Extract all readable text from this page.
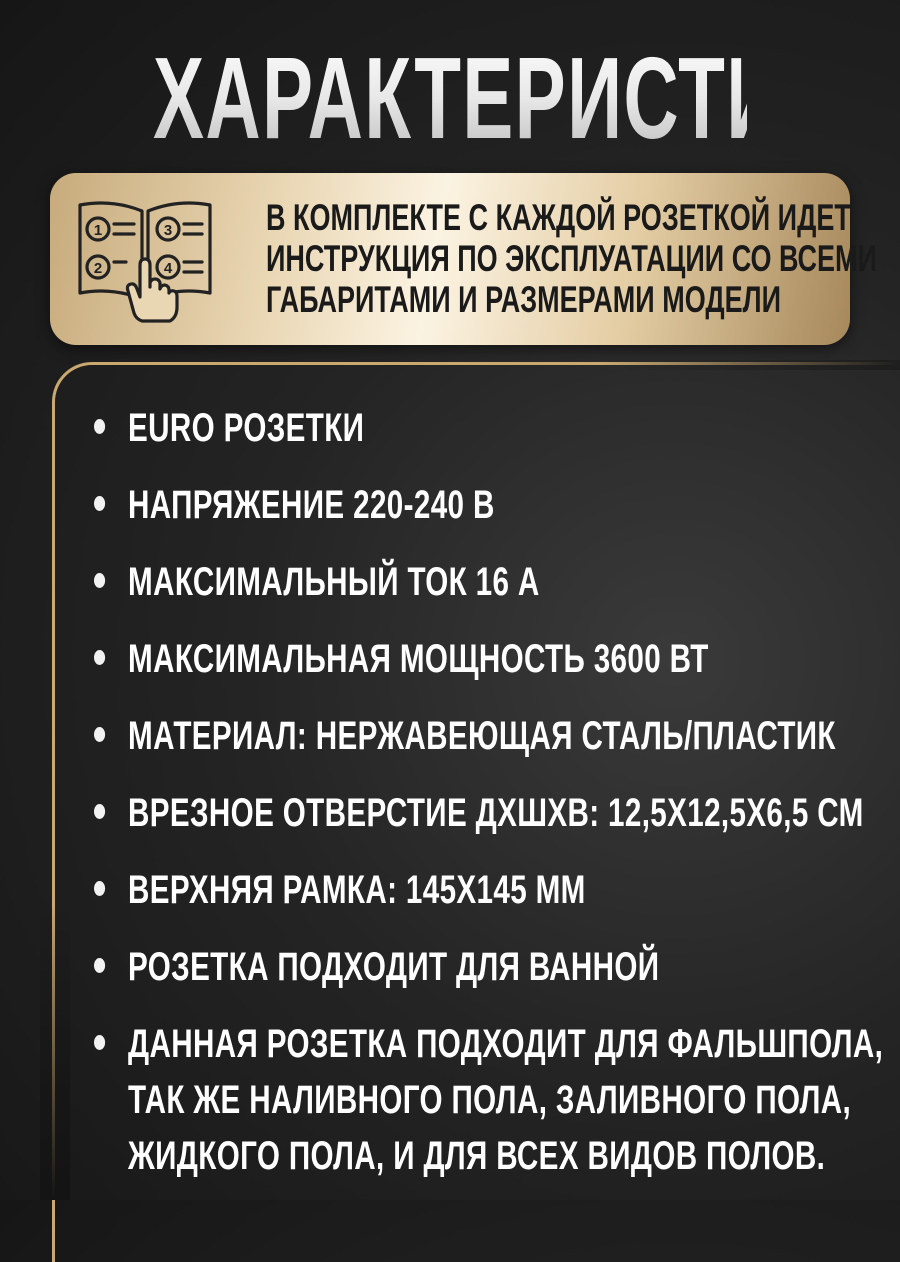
ХАРАКТЕРИСТИКИ
1
2
3
4
В КОМПЛЕКТЕ С КАЖДОЙ РОЗЕТКОЙ ИДЕТ
ИНСТРУКЦИЯ ПО ЭКСПЛУАТАЦИИ СО ВСЕМИ
ГАБАРИТАМИ И РАЗМЕРАМИ МОДЕЛИ
EURO РОЗЕТКИ
НАПРЯЖЕНИЕ 220-240 В
МАКСИМАЛЬНЫЙ ТОК 16 А
МАКСИМАЛЬНАЯ МОЩНОСТЬ 3600 ВТ
МАТЕРИАЛ: НЕРЖАВЕЮЩАЯ СТАЛЬ/ПЛАСТИК
ВРЕЗНОЕ ОТВЕРСТИЕ ДХШХВ: 12,5Х12,5Х6,5 СМ
ВЕРХНЯЯ РАМКА: 145Х145 ММ
РОЗЕТКА ПОДХОДИТ ДЛЯ ВАННОЙ
ДАННАЯ РОЗЕТКА ПОДХОДИТ ДЛЯ ФАЛЬШПОЛА,
ТАК ЖЕ НАЛИВНОГО ПОЛА, ЗАЛИВНОГО ПОЛА,
ЖИДКОГО ПОЛА, И ДЛЯ ВСЕХ ВИДОВ ПОЛОВ.
